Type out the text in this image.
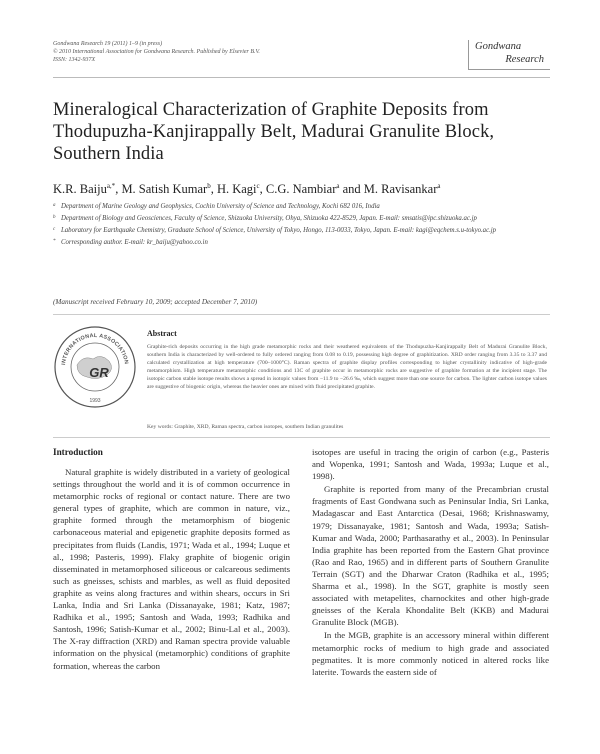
Gondwana Research 19 (2011) 1–9 (in press)
© 2010 International Association for Gondwana Research. Published by Elsevier B.V.
ISSN: 1342-937X
Gondwana
Research
Mineralogical Characterization of Graphite Deposits from Thodupuzha-Kanjirappally Belt, Madurai Granulite Block, Southern India
K.R. Baiju$^{a,*}$, M. Satish Kumar$^b$, H. Kagi$^c$, C.G. Nambiar$^a$ and M. Ravisankar$^a$
a Department of Marine Geology and Geophysics, Cochin University of Science and Technology, Kochi 682 016, India
b Department of Biology and Geosciences, Faculty of Science, Shizuoka University, Ohya, Shizuoka 422-8529, Japan. E-mail: smsatis@ipc.shizuoka.ac.jp
c Laboratory for Earthquake Chemistry, Graduate School of Science, University of Tokyo, Hongo, 113-0033, Tokyo, Japan. E-mail: kagi@eqchem.s.u-tokyo.ac.jp
* Corresponding author. E-mail: kr_baiju@yahoo.co.in
(Manuscript received February 10, 2009; accepted December 7, 2010)
INTERNATIONAL ASSOCIATION
GR
1993
Abstract
Graphite-rich deposits occurring in the high grade metamorphic rocks and their weathered equivalents of the Thodupuzha-Kanjirappally Belt of Madurai Granulite Block, southern India is characterized by well-ordered to fully ordered ranging from 0.08 to 0.19, possessing high degree of graphitization. XRD order ranging from 3.35 to 3.37 and calculated crystallization at high temperature (700–1000°C). Raman spectra of graphite display profiles corresponding to higher crystallinity indicative of high-grade metamorphism. High temperature metamorphic conditions and 13C of graphite occur in metamorphic rocks are suggestive of graphite formation at the incipient stage. The isotopic carbon stable isotope results shows a spread in isotopic values from −11.9 to −26.6 ‰, which suggest more than one source for carbon. The lighter carbon isotope values are suggestive of biogenic origin, whereas the heavier ones are mixed with fluid precipitated graphite.
Key words: Graphite, XRD, Raman spectra, carbon isotopes, southern Indian granulites
Introduction

Natural graphite is widely distributed in a variety of geological settings throughout the world and it is of common occurrence in metamorphic rocks of regional or contact nature. There are two general types of graphite, which are common in nature, viz., graphite formed through the metamorphism of biogenic carbonaceous material and epigenetic graphite deposits formed as precipitates from fluids (Landis, 1971; Wada et al., 1994; Luque et al., 1998; Pasteris, 1999). Flaky graphite of biogenic origin disseminated in metamorphosed siliceous or calcareous sediments such as gneisses, schists and marbles, as well as fluid deposited graphite as veins along fractures and within shears, occurs in Sri Lanka, India and Sri Lanka (Dissanayake, 1981; Katz, 1987; Radhika et al., 1995; Santosh and Wada, 1993; Radhika and Santosh, 1996; Satish-Kumar et al., 2002; Binu-Lal et al., 2003). The X-ray diffraction (XRD) and Raman spectra provide valuable information on the physical (metamorphic) conditions of graphite formation, whereas the carbon

isotopes are useful in tracing the origin of carbon (e.g., Pasteris and Wopenka, 1991; Santosh and Wada, 1993a; Luque et al., 1998).

Graphite is reported from many of the Precambrian crustal fragments of East Gondwana such as Peninsular India, Sri Lanka, Madagascar and East Antarctica (Desai, 1968; Krishnaswamy, 1979; Dissanayake, 1981; Santosh and Wada, 1993a; Satish-Kumar and Wada, 2000; Parthasarathy et al., 2003). In Peninsular India graphite has been reported from the Eastern Ghat province (Rao and Rao, 1965) and in different parts of Southern Granulite Terrain (SGT) and the Dharwar Craton (Radhika et al., 1995; Sharma et al., 1998). In the SGT, graphite is mostly seen associated with metapelites, charnockites and other high-grade gneisses of the Kerala Khondalite Belt (KKB) and Madurai Granulite Block (MGB).

In the MGB, graphite is an accessory mineral within different metamorphic rocks of medium to high grade and associated pegmatites. It is more commonly noticed in altered rocks like laterite. Towards the eastern side of
